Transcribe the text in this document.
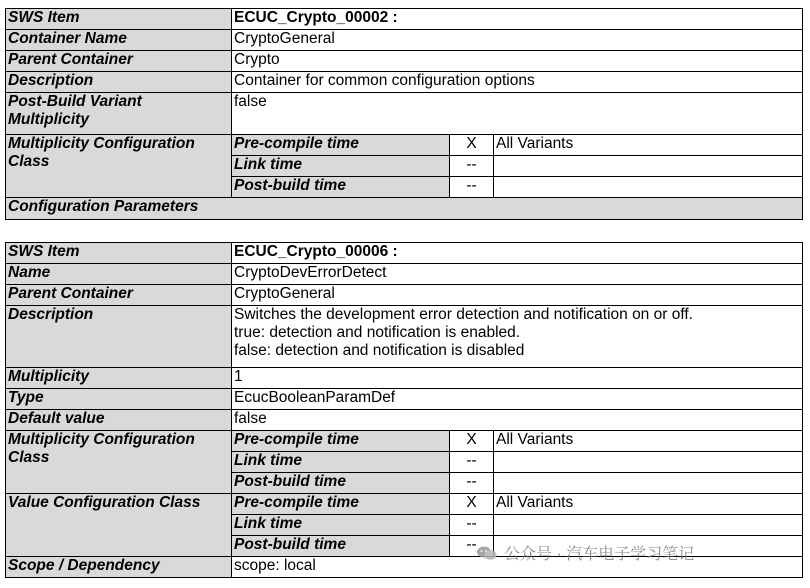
SWS Item	ECUC_Crypto_00002 :		
Container Name	CryptoGeneral		
Parent Container	Crypto		
Description	Container for common configuration options		

Post-Build Variant
Multiplicity	false		

Multiplicity Configuration
Class	Pre-compile time	X	All Variants
	Link time	--	
	Post-build time	--	
Configuration Parameters			
SWS Item	ECUC_Crypto_00006 :		
Name	CryptoDevErrorDetect		
Parent Container	CryptoGeneral		
Description	Switches the development error detection and notification on or off.
true: detection and notification is enabled.
false: detection and notification is disabled		

Multiplicity	1		
Type	EcucBooleanParamDef		
Default value	false		

Multiplicity Configuration
Class	Pre-compile time	X	All Variants
	Link time	--	
	Post-build time	--	
Value Configuration Class	Pre-compile time	X	All Variants
	Link time	--	
	Post-build time	--	
Scope / Dependency	scope: local		
公众号 · 汽车电子学习笔记
